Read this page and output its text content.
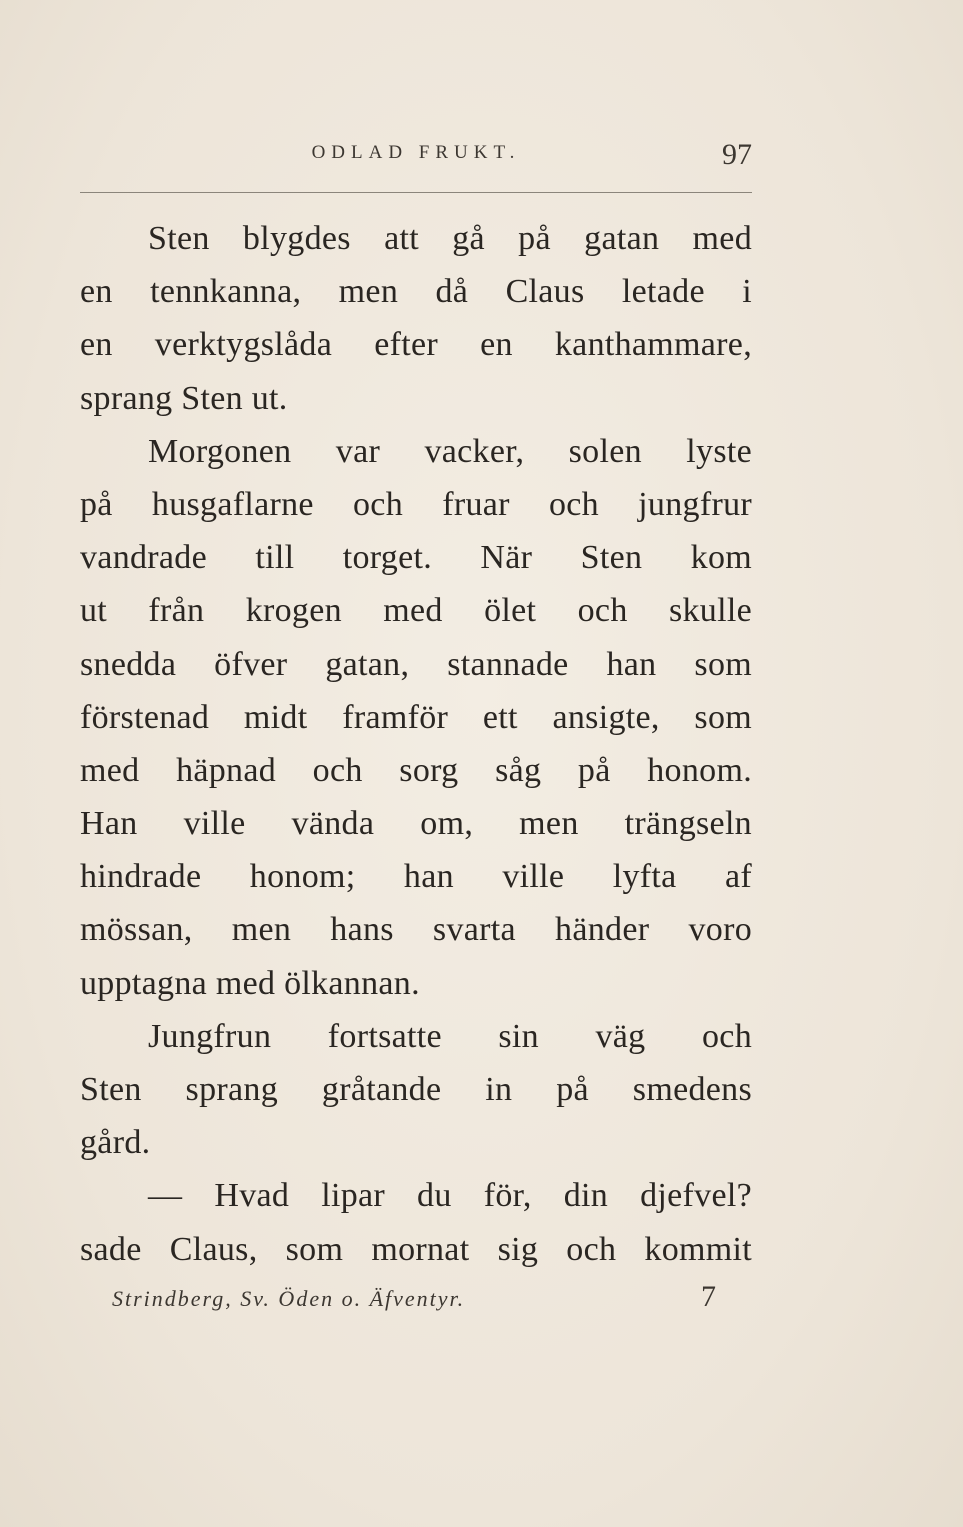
ODLAD FRUKT.	97
Sten blygdes att gå på gatan med
en tennkanna, men då Claus letade i
en verktygslåda efter en kanthammare,
sprang Sten ut.
Morgonen var vacker, solen lyste
på husgaflarne och fruar och jungfrur
vandrade till torget. När Sten kom
ut från krogen med ölet och skulle
snedda öfver gatan, stannade han som
förstenad midt framför ett ansigte, som
med häpnad och sorg såg på honom.
Han ville vända om, men trängseln
hindrade honom; han ville lyfta af
mössan, men hans svarta händer voro
upptagna med ölkannan.
Jungfrun fortsatte sin väg och
Sten sprang gråtande in på smedens
gård.
— Hvad lipar du för, din djefvel?
sade Claus, som mornat sig och kommit
Strindberg, Sv. Öden o. Äfventyr.	7
